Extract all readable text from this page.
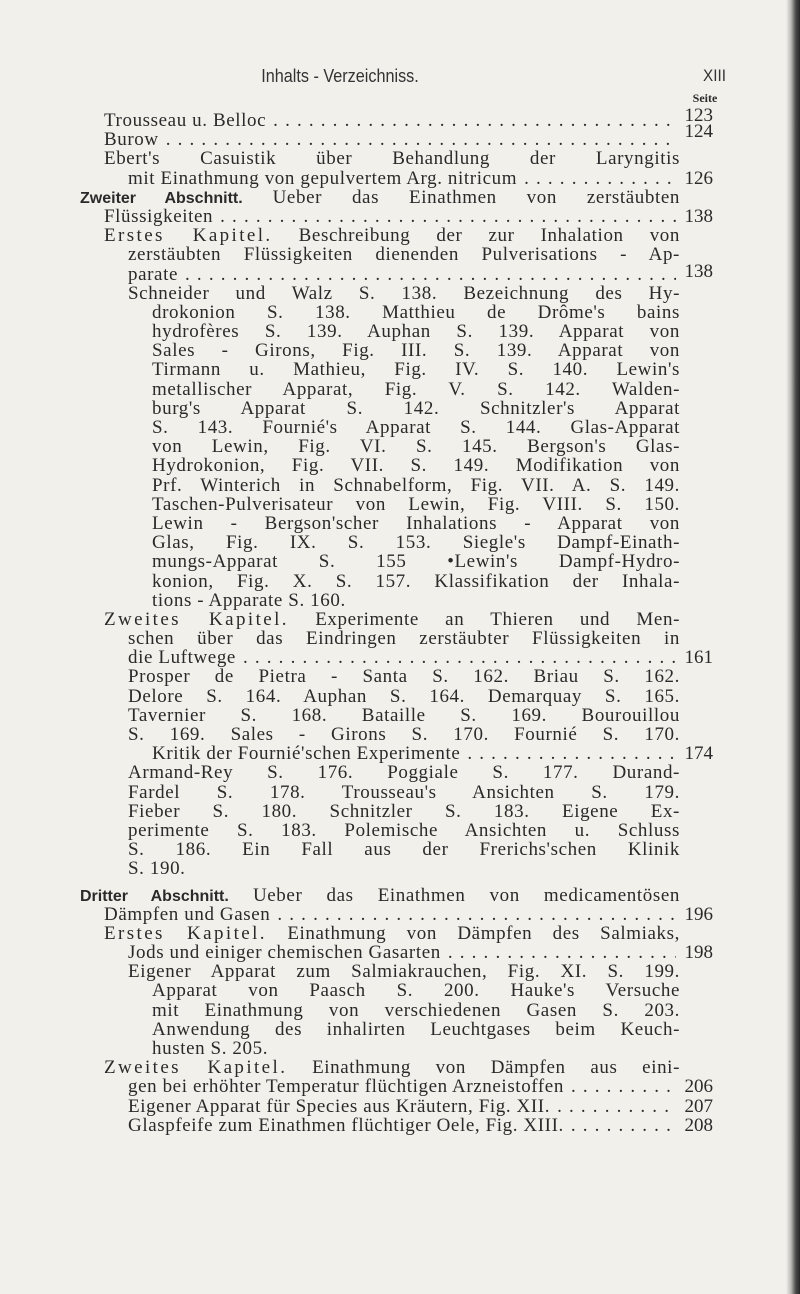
Inhalts - Verzeichniss.	XIII
Seite
Trousseau u. Belloc . . .	123
Burow . . .	124
Ebert's Casuistik über Behandlung der Laryngitis
mit Einathmung von gepulvertem Arg. nitricum . . .	126
Zweiter Abschnitt. Ueber das Einathmen von zerstäubten
Flüssigkeiten . . .	138
Erstes Kapitel. Beschreibung der zur Inhalation von
zerstäubten Flüssigkeiten dienenden Pulverisations - Ap-
parate . . .	138
Schneider und Walz S. 138. Bezeichnung des Hy-
drokonion S. 138. Matthieu de Drôme's bains
hydrofères S. 139. Auphan S. 139. Apparat von
Sales - Girons, Fig. III. S. 139. Apparat von
Tirmann u. Mathieu, Fig. IV. S. 140. Lewin's
metallischer Apparat, Fig. V. S. 142. Walden-
burg's Apparat S. 142. Schnitzler's Apparat
S. 143. Fournié's Apparat S. 144. Glas-Apparat
von Lewin, Fig. VI. S. 145. Bergson's Glas-
Hydrokonion, Fig. VII. S. 149. Modifikation von
Prf. Winterich in Schnabelform, Fig. VII. A. S. 149.
Taschen-Pulverisateur von Lewin, Fig. VIII. S. 150.
Lewin - Bergson'scher Inhalations - Apparat von
Glas, Fig. IX. S. 153. Siegle's Dampf-Einath-
mungs-Apparat S. 155 •Lewin's Dampf-Hydro-
konion, Fig. X. S. 157. Klassifikation der Inhala-
tions - Apparate S. 160.
Zweites Kapitel. Experimente an Thieren und Men-
schen über das Eindringen zerstäubter Flüssigkeiten in
die Luftwege . . .	161
Prosper de Pietra - Santa S. 162. Briau S. 162.
Delore S. 164. Auphan S. 164. Demarquay S. 165.
Tavernier S. 168. Bataille S. 169. Bourouillou
S. 169. Sales - Girons S. 170. Fournié S. 170.
Kritik der Fournié'schen Experimente . . .	174
Armand-Rey S. 176. Poggiale S. 177. Durand-
Fardel S. 178. Trousseau's Ansichten S. 179.
Fieber S. 180. Schnitzler S. 183. Eigene Ex-
perimente S. 183. Polemische Ansichten u. Schluss
S. 186. Ein Fall aus der Frerichs'schen Klinik
S. 190.
Dritter Abschnitt. Ueber das Einathmen von medicamentösen
Dämpfen und Gasen . . .	196
Erstes Kapitel. Einathmung von Dämpfen des Salmiaks,
Jods und einiger chemischen Gasarten . . .	198
Eigener Apparat zum Salmiakrauchen, Fig. XI. S. 199.
Apparat von Paasch S. 200. Hauke's Versuche
mit Einathmung von verschiedenen Gasen S. 203.
Anwendung des inhalirten Leuchtgases beim Keuch-
husten S. 205.
Zweites Kapitel. Einathmung von Dämpfen aus eini-
gen bei erhöhter Temperatur flüchtigen Arzneistoffen . . .	206
Eigener Apparat für Species aus Kräutern, Fig. XII. . . .	207
Glaspfeife zum Einathmen flüchtiger Oele, Fig. XIII. . . .	208
